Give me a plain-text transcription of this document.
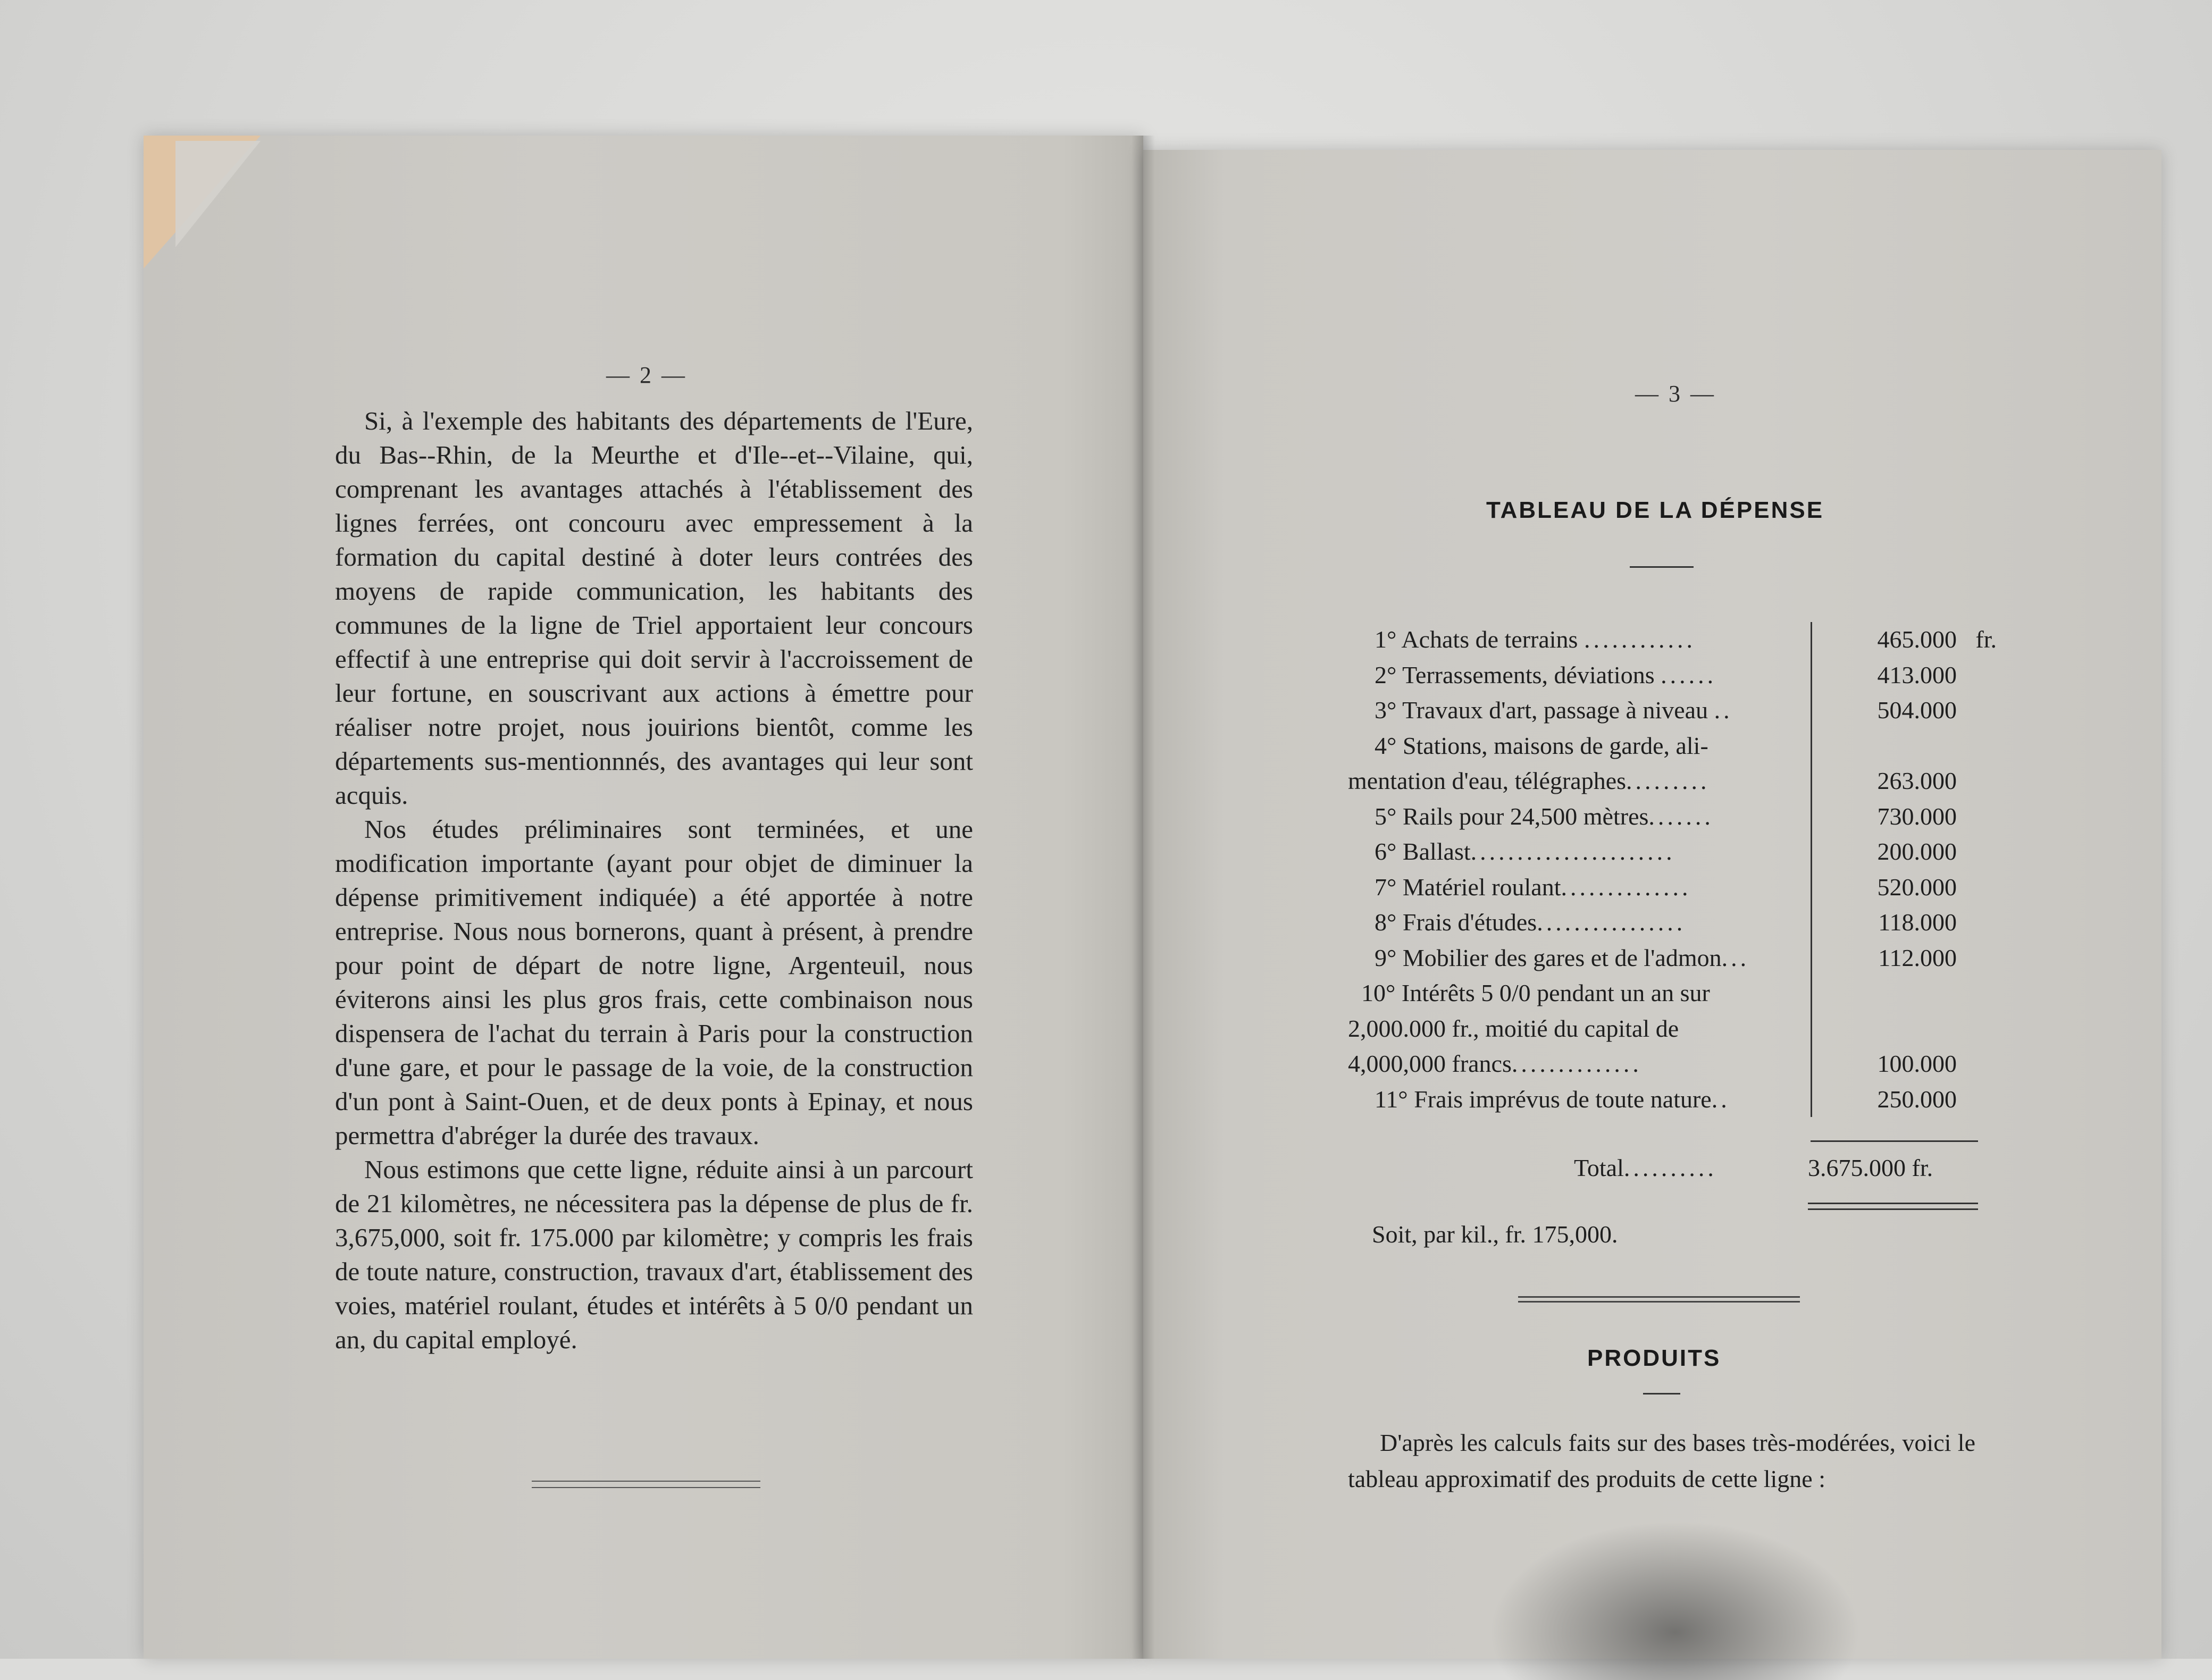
— 2 —

Si, à l'exemple des habitants des départements de l'Eure, du Bas--Rhin, de la Meurthe et d'Ile--et--Vilaine, qui, comprenant les avantages attachés à l'établissement des lignes ferrées, ont concouru avec empressement à la formation du capital destiné à doter leurs contrées des moyens de rapide communication, les habitants des communes de la ligne de Triel apportaient leur concours effectif à une entreprise qui doit servir à l'accroissement de leur fortune, en souscrivant aux actions à émettre pour réaliser notre projet, nous jouirions bientôt, comme les départements sus-mentionnnés, des avantages qui leur sont acquis.

Nos études préliminaires sont terminées, et une modification importante (ayant pour objet de diminuer la dépense primitivement indiquée) a été apportée à notre entreprise. Nous nous bornerons, quant à présent, à prendre pour point de départ de notre ligne, Argenteuil, nous éviterons ainsi les plus gros frais, cette combinaison nous dispensera de l'achat du terrain à Paris pour la construction d'une gare, et pour le passage de la voie, de la construction d'un pont à Saint-Ouen, et de deux ponts à Epinay, et nous permettra d'abréger la durée des travaux.

Nous estimons que cette ligne, réduite ainsi à un parcourt de 21 kilomètres, ne nécessitera pas la dépense de plus de fr. 3,675,000, soit fr. 175.000 par kilomètre; y compris les frais de toute nature, construction, travaux d'art, établissement des voies, matériel roulant, études et intérêts à 5 0/0 pendant un an, du capital employé.

— 3 —
TABLEAU DE LA DÉPENSE
1° Achats de terrains ............	465.000 fr.
2° Terrassements, déviations ......	413.000
3° Travaux d'art, passage à niveau ..	504.000
4° Stations, maisons de garde, ali-
mentation d'eau, télégraphes.........	263.000
5° Rails pour 24,500 mètres.......	730.000
6° Ballast......................	200.000
7° Matériel roulant..............	520.000
8° Frais d'études................	118.000
9° Mobilier des gares et de l'admon...	112.000
10° Intérêts 5 0/0 pendant un an sur
2,000.000 fr., moitié du capital de
4,000,000 francs..............	100.000
11° Frais imprévus de toute nature..	250.000
Total..........	3.675.000 fr.
Soit, par kil., fr. 175,000.
PRODUITS
D'après les calculs faits sur des bases très-modérées, voici le tableau approximatif des produits de cette ligne :
